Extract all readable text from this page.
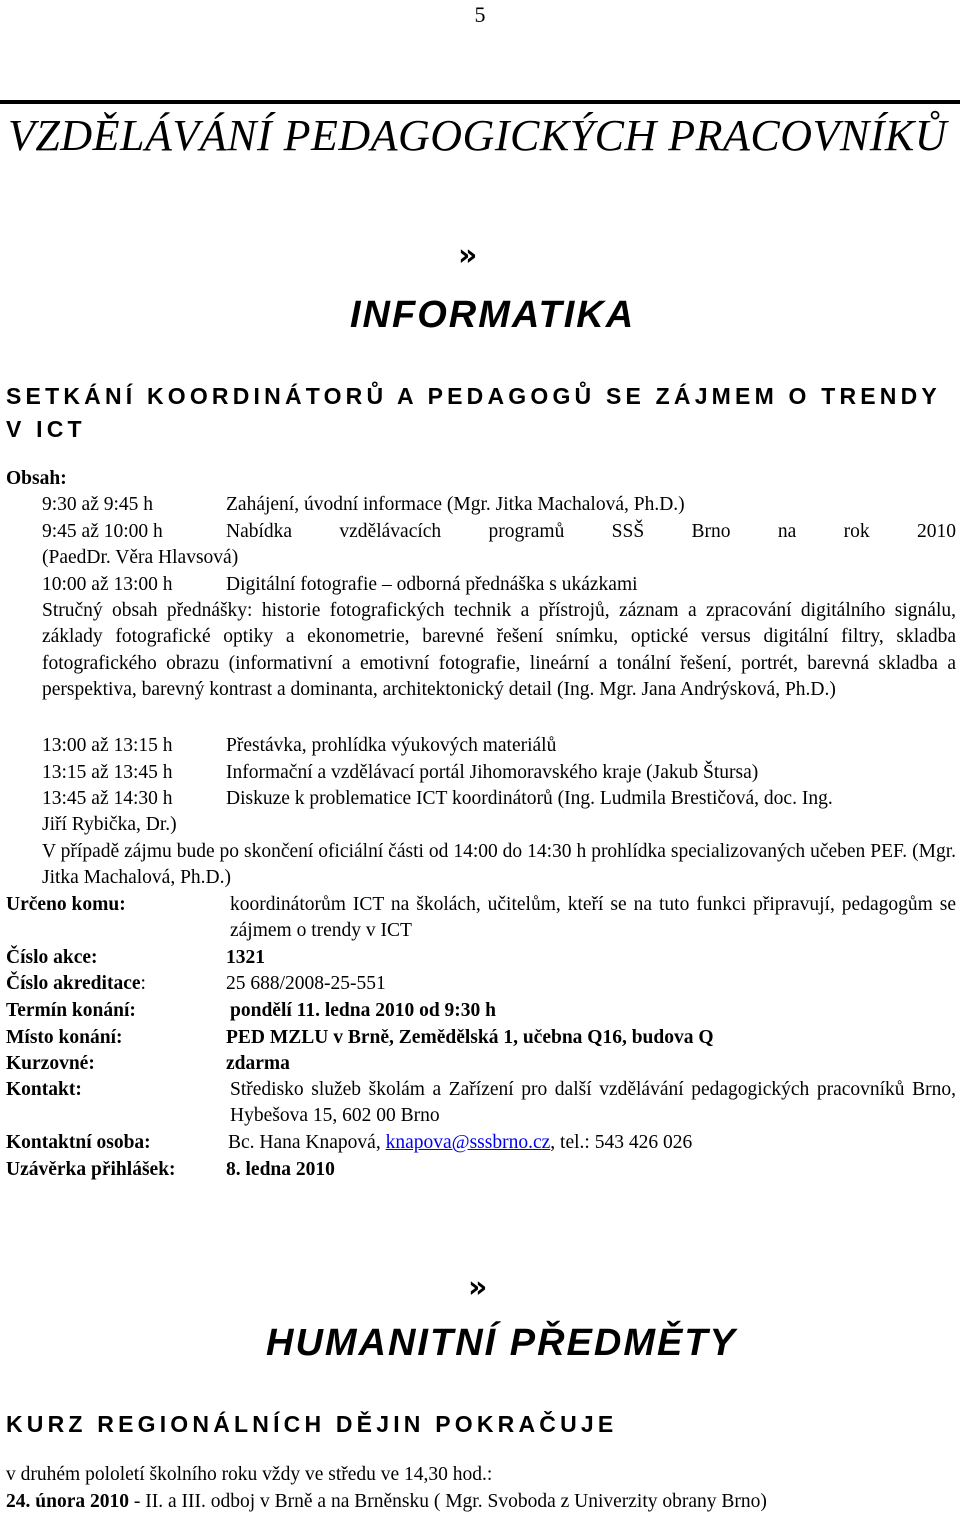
5
VZDĚLÁVÁNÍ PEDAGOGICKÝCH PRACOVNÍKŮ
»
INFORMATIKA
SETKÁNÍ KOORDINÁTORŮ A PEDAGOGŮ SE ZÁJMEM O TRENDY V ICT
Obsah:
9:30 až 9:45 h	Zahájení, úvodní informace (Mgr. Jitka Machalová, Ph.D.)
9:45 až 10:00 h	Nabídka vzdělávacích programů SSŠ Brno na rok 2010
(PaedDr. Věra Hlavsová)
10:00 až 13:00 h	Digitální fotografie – odborná přednáška s ukázkami
Stručný obsah přednášky: historie fotografických technik a přístrojů, záznam a zpracování digitálního signálu, základy fotografické optiky a ekonometrie, barevné řešení snímku, optické versus digitální filtry, skladba fotografického obrazu (informativní a emotivní fotografie, lineární a tonální řešení, portrét, barevná skladba a perspektiva, barevný kontrast a dominanta, architektonický detail (Ing. Mgr. Jana Andrýsková, Ph.D.)
13:00 až 13:15 h	Přestávka, prohlídka výukových materiálů
13:15 až 13:45 h	Informační a vzdělávací portál Jihomoravského kraje (Jakub Štursa)
13:45 až 14:30 h	Diskuze k problematice ICT koordinátorů (Ing. Ludmila Brestičová, doc. Ing.
Jiří Rybička, Dr.)
V případě zájmu bude po skončení oficiální části od 14:00 do 14:30 h prohlídka specializovaných učeben PEF. (Mgr. Jitka Machalová, Ph.D.)
Určeno komu:	koordinátorům ICT na školách, učitelům, kteří se na tuto funkci připravují, pedagogům se zájmem o trendy v ICT
Číslo akce:	1321
Číslo akreditace:	25 688/2008-25-551
Termín konání:	pondělí 11. ledna 2010 od 9:30 h
Místo konání:	PED MZLU v Brně, Zemědělská 1, učebna Q16, budova Q
Kurzovné:	zdarma
Kontakt:	Středisko služeb školám a Zařízení pro další vzdělávání pedagogických pracovníků Brno, Hybešova 15, 602 00 Brno
Kontaktní osoba:	Bc. Hana Knapová, knapova@sssbrno.cz, tel.: 543 426 026
Uzávěrka přihlášek:	8. ledna 2010
»
HUMANITNÍ PŘEDMĚTY
KURZ REGIONÁLNÍCH DĚJIN POKRAČUJE
v druhém pololetí školního roku vždy ve středu ve 14,30 hod.:
24. února 2010 - II. a III. odboj v Brně a na Brněnsku ( Mgr. Svoboda z Univerzity obrany Brno)
